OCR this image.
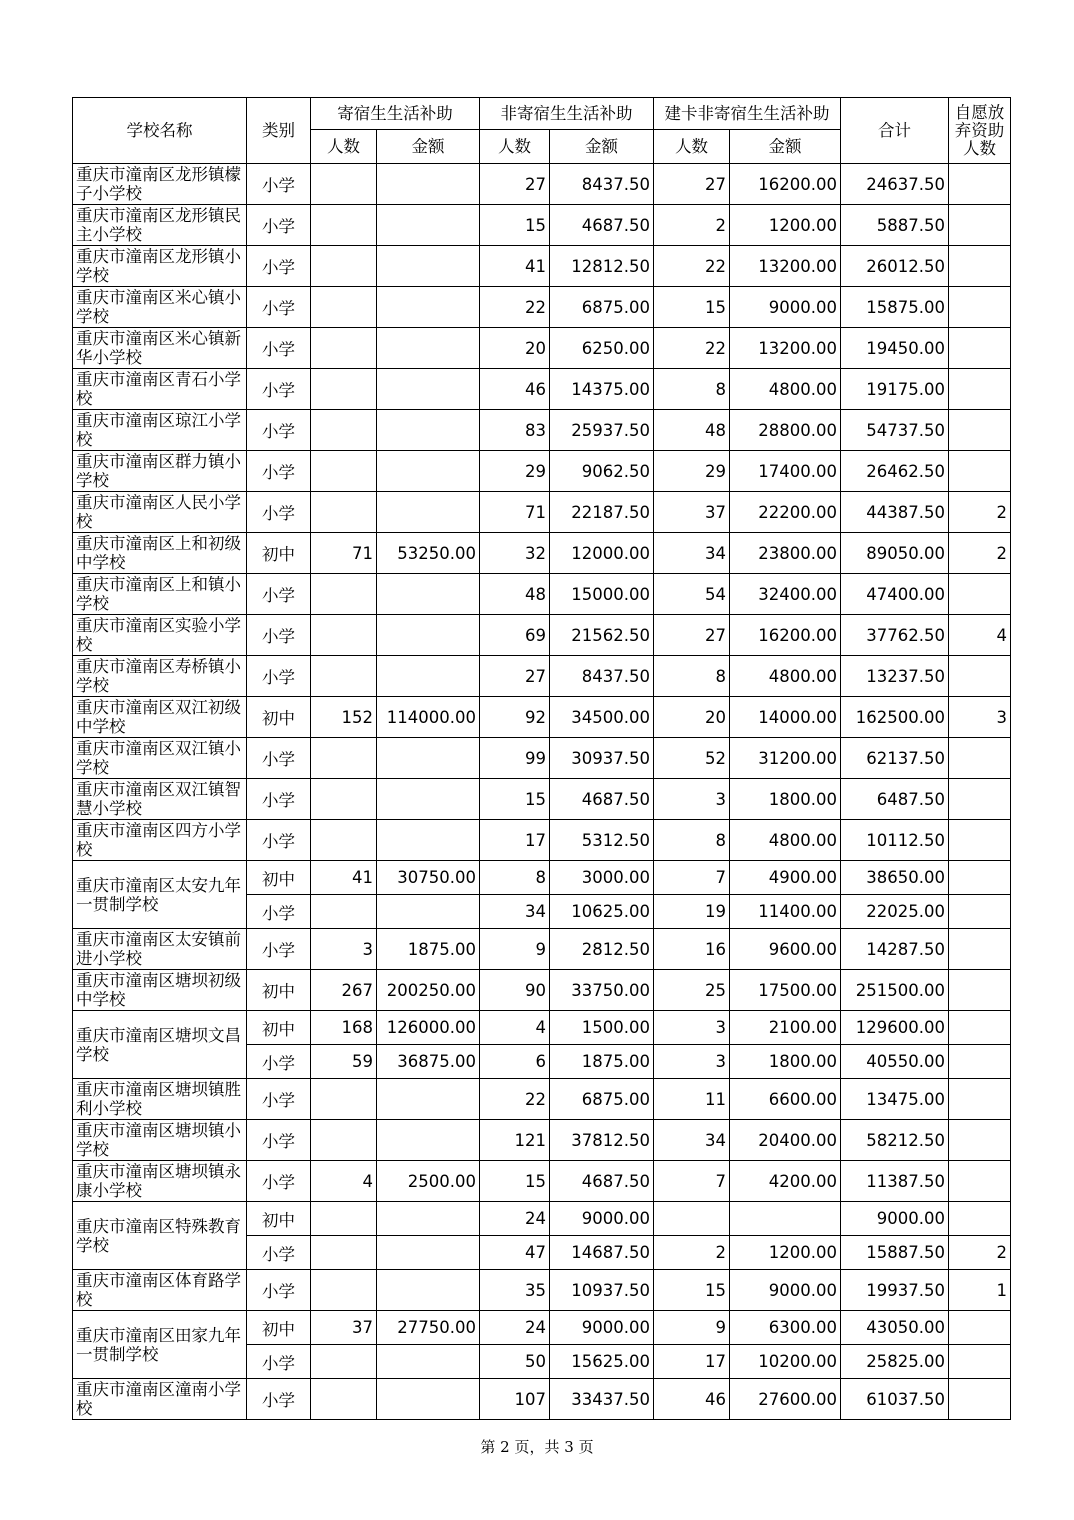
学校名称	类别	寄宿生生活补助		非寄宿生生活补助		建卡非寄宿生生活补助		合计	自愿放弃资助人数
		人数	金额	人数	金额	人数	金额		
重庆市潼南区龙形镇檬子小学校	小学			27	8437.50	27	16200.00	24637.50	
重庆市潼南区龙形镇民主小学校	小学			15	4687.50	2	1200.00	5887.50	
重庆市潼南区龙形镇小学校	小学			41	12812.50	22	13200.00	26012.50	
重庆市潼南区米心镇小学校	小学			22	6875.00	15	9000.00	15875.00	
重庆市潼南区米心镇新华小学校	小学			20	6250.00	22	13200.00	19450.00	
重庆市潼南区青石小学校	小学			46	14375.00	8	4800.00	19175.00	
重庆市潼南区琼江小学校	小学			83	25937.50	48	28800.00	54737.50	
重庆市潼南区群力镇小学校	小学			29	9062.50	29	17400.00	26462.50	
重庆市潼南区人民小学校	小学			71	22187.50	37	22200.00	44387.50	2
重庆市潼南区上和初级中学校	初中	71	53250.00	32	12000.00	34	23800.00	89050.00	2
重庆市潼南区上和镇小学校	小学			48	15000.00	54	32400.00	47400.00	
重庆市潼南区实验小学校	小学			69	21562.50	27	16200.00	37762.50	4
重庆市潼南区寿桥镇小学校	小学			27	8437.50	8	4800.00	13237.50	
重庆市潼南区双江初级中学校	初中	152	114000.00	92	34500.00	20	14000.00	162500.00	3
重庆市潼南区双江镇小学校	小学			99	30937.50	52	31200.00	62137.50	
重庆市潼南区双江镇智慧小学校	小学			15	4687.50	3	1800.00	6487.50	
重庆市潼南区四方小学校	小学			17	5312.50	8	4800.00	10112.50	
重庆市潼南区太安九年一贯制学校	初中	41	30750.00	8	3000.00	7	4900.00	38650.00	
	小学			34	10625.00	19	11400.00	22025.00	
重庆市潼南区太安镇前进小学校	小学	3	1875.00	9	2812.50	16	9600.00	14287.50	
重庆市潼南区塘坝初级中学校	初中	267	200250.00	90	33750.00	25	17500.00	251500.00	
重庆市潼南区塘坝文昌学校	初中	168	126000.00	4	1500.00	3	2100.00	129600.00	
	小学	59	36875.00	6	1875.00	3	1800.00	40550.00	
重庆市潼南区塘坝镇胜利小学校	小学			22	6875.00	11	6600.00	13475.00	
重庆市潼南区塘坝镇小学校	小学			121	37812.50	34	20400.00	58212.50	
重庆市潼南区塘坝镇永康小学校	小学	4	2500.00	15	4687.50	7	4200.00	11387.50	
重庆市潼南区特殊教育学校	初中			24	9000.00			9000.00	
	小学			47	14687.50	2	1200.00	15887.50	2
重庆市潼南区体育路学校	小学			35	10937.50	15	9000.00	19937.50	1
重庆市潼南区田家九年一贯制学校	初中	37	27750.00	24	9000.00	9	6300.00	43050.00	
	小学			50	15625.00	17	10200.00	25825.00	
重庆市潼南区潼南小学校	小学			107	33437.50	46	27600.00	61037.50	
第 2 页，共 3 页
